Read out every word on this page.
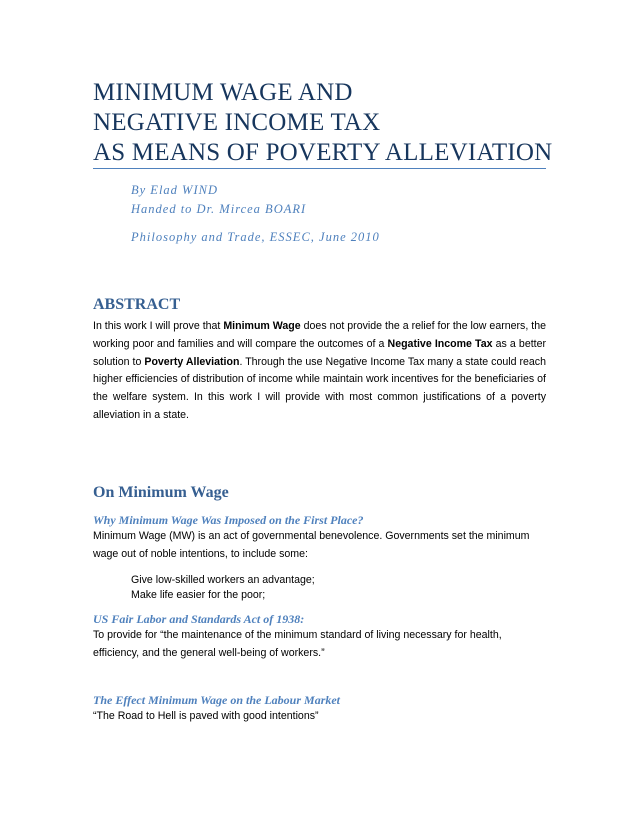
MINIMUM WAGE AND
NEGATIVE INCOME TAX
AS MEANS OF POVERTY ALLEVIATION
By Elad WIND
Handed to Dr. Mircea BOARI
Philosophy and Trade, ESSEC, June 2010
ABSTRACT
In this work I will prove that Minimum Wage does not provide the a relief for the low earners, the working poor and families and will compare the outcomes of a Negative Income Tax as a better solution to Poverty Alleviation. Through the use Negative Income Tax many a state could reach higher efficiencies of distribution of income while maintain work incentives for the beneficiaries of the welfare system. In this work I will provide with most common justifications of a poverty alleviation in a state.
On Minimum Wage
Why Minimum Wage Was Imposed on the First Place?
Minimum Wage (MW) is an act of governmental benevolence. Governments set the minimum wage out of noble intentions, to include some:
Give low-skilled workers an advantage;
Make life easier for the poor;
US Fair Labor and Standards Act of 1938:
To provide for “the maintenance of the minimum standard of living necessary for health, efficiency, and the general well-being of workers.”
The Effect Minimum Wage on the Labour Market
“The Road to Hell is paved with good intentions”
